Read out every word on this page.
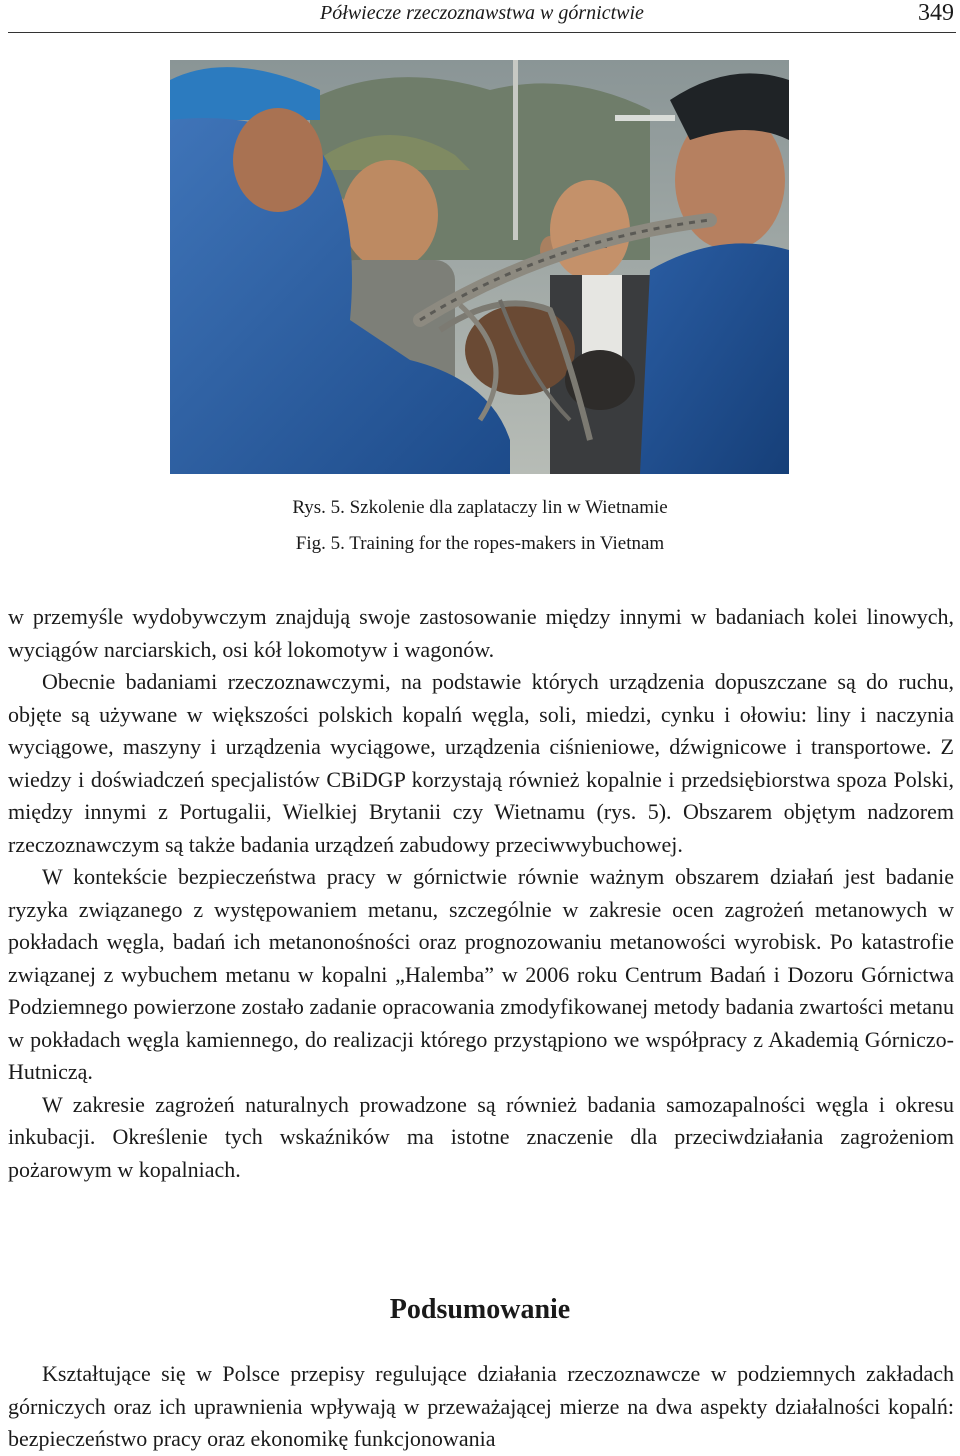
Półwiecze rzeczoznawstwa w górnictwie	349
Rys. 5. Szkolenie dla zaplataczy lin w Wietnamie
Fig. 5. Training for the ropes-makers in Vietnam

w przemyśle wydobywczym znajdują swoje zastosowanie między innymi w badaniach kolei linowych, wyciągów narciarskich, osi kół lokomotyw i wagonów.

Obecnie badaniami rzeczoznawczymi, na podstawie których urządzenia dopuszczane są do ruchu, objęte są używane w większości polskich kopalń węgla, soli, miedzi, cynku i ołowiu: liny i naczynia wyciągowe, maszyny i urządzenia wyciągowe, urządzenia ciśnieniowe, dźwignicowe i transportowe. Z wiedzy i doświadczeń specjalistów CBiDGP korzystają również kopalnie i przedsiębiorstwa spoza Polski, między innymi z Portugalii, Wielkiej Brytanii czy Wietnamu (rys. 5). Obszarem objętym nadzorem rzeczoznawczym są także badania urządzeń zabudowy przeciwwybuchowej.

W kontekście bezpieczeństwa pracy w górnictwie równie ważnym obszarem działań jest badanie ryzyka związanego z występowaniem metanu, szczególnie w zakresie ocen zagrożeń metanowych w pokładach węgla, badań ich metanonośności oraz prognozowaniu metanowości wyrobisk. Po katastrofie związanej z wybuchem metanu w kopalni „Halemba” w 2006 roku Centrum Badań i Dozoru Górnictwa Podziemnego powierzone zostało zadanie opracowania zmodyfikowanej metody badania zwartości metanu w pokładach węgla kamiennego, do realizacji którego przystąpiono we współpracy z Akademią Górniczo-Hutniczą.

W zakresie zagrożeń naturalnych prowadzone są również badania samozapalności węgla i okresu inkubacji. Określenie tych wskaźników ma istotne znaczenie dla przeciwdziałania zagrożeniom pożarowym w kopalniach.

Podsumowanie

Kształtujące się w Polsce przepisy regulujące działania rzeczoznawcze w podziemnych zakładach górniczych oraz ich uprawnienia wpływają w przeważającej mierze na dwa aspekty działalności kopalń: bezpieczeństwo pracy oraz ekonomikę funkcjonowania
